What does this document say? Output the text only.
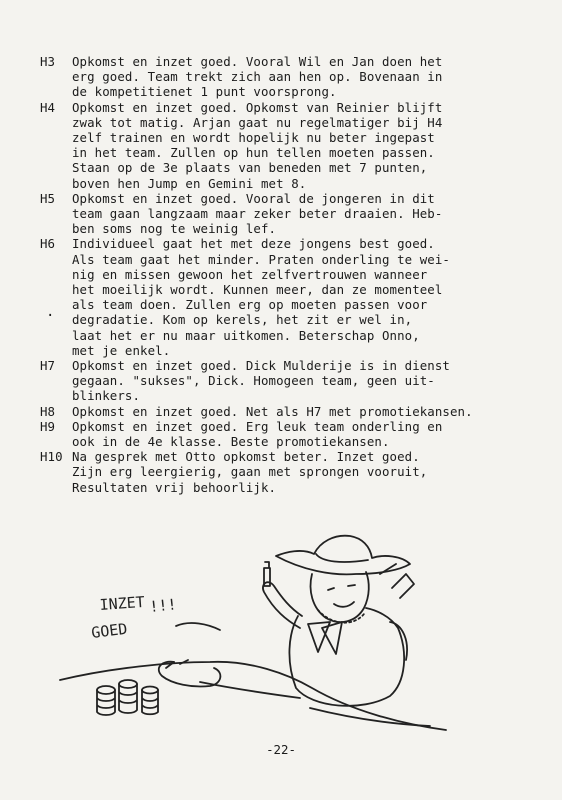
H3	Opkomst en inzet goed. Vooral Wil en Jan doen het
erg goed. Team trekt zich aan hen op. Bovenaan in
de kompetitienet 1 punt voorsprong.
H4	Opkomst en inzet goed. Opkomst van Reinier blijft
zwak tot matig. Arjan gaat nu regelmatiger bij H4
zelf trainen en wordt hopelijk nu beter ingepast
in het team. Zullen op hun tellen moeten passen.
Staan op de 3e plaats van beneden met 7 punten,
boven hen Jump en Gemini met 8.
H5	Opkomst en inzet goed. Vooral de jongeren in dit
team gaan langzaam maar zeker beter draaien. Heb-
ben soms nog te weinig lef.
H6	Individueel gaat het met deze jongens best goed.
Als team gaat het minder. Praten onderling te wei-
nig en missen gewoon het zelfvertrouwen wanneer
het moeilijk wordt. Kunnen meer, dan ze momenteel
als team doen. Zullen erg op moeten passen voor
degradatie. Kom op kerels, het zit er wel in,
laat het er nu maar uitkomen. Beterschap Onno,
met je enkel.
H7	Opkomst en inzet goed. Dick Mulderije is in dienst
gegaan. "sukses", Dick. Homogeen team, geen uit-
blinkers.
H8	Opkomst en inzet goed. Net als H7 met promotiekansen.
H9	Opkomst en inzet goed. Erg leuk team onderling en
ook in de 4e klasse. Beste promotiekansen.
H10 Na gesprek met Otto opkomst beter. Inzet goed.
Zijn erg leergierig, gaan met sprongen vooruit,
Resultaten vrij behoorlijk.
.
INZET !!!
GOED
-22-
